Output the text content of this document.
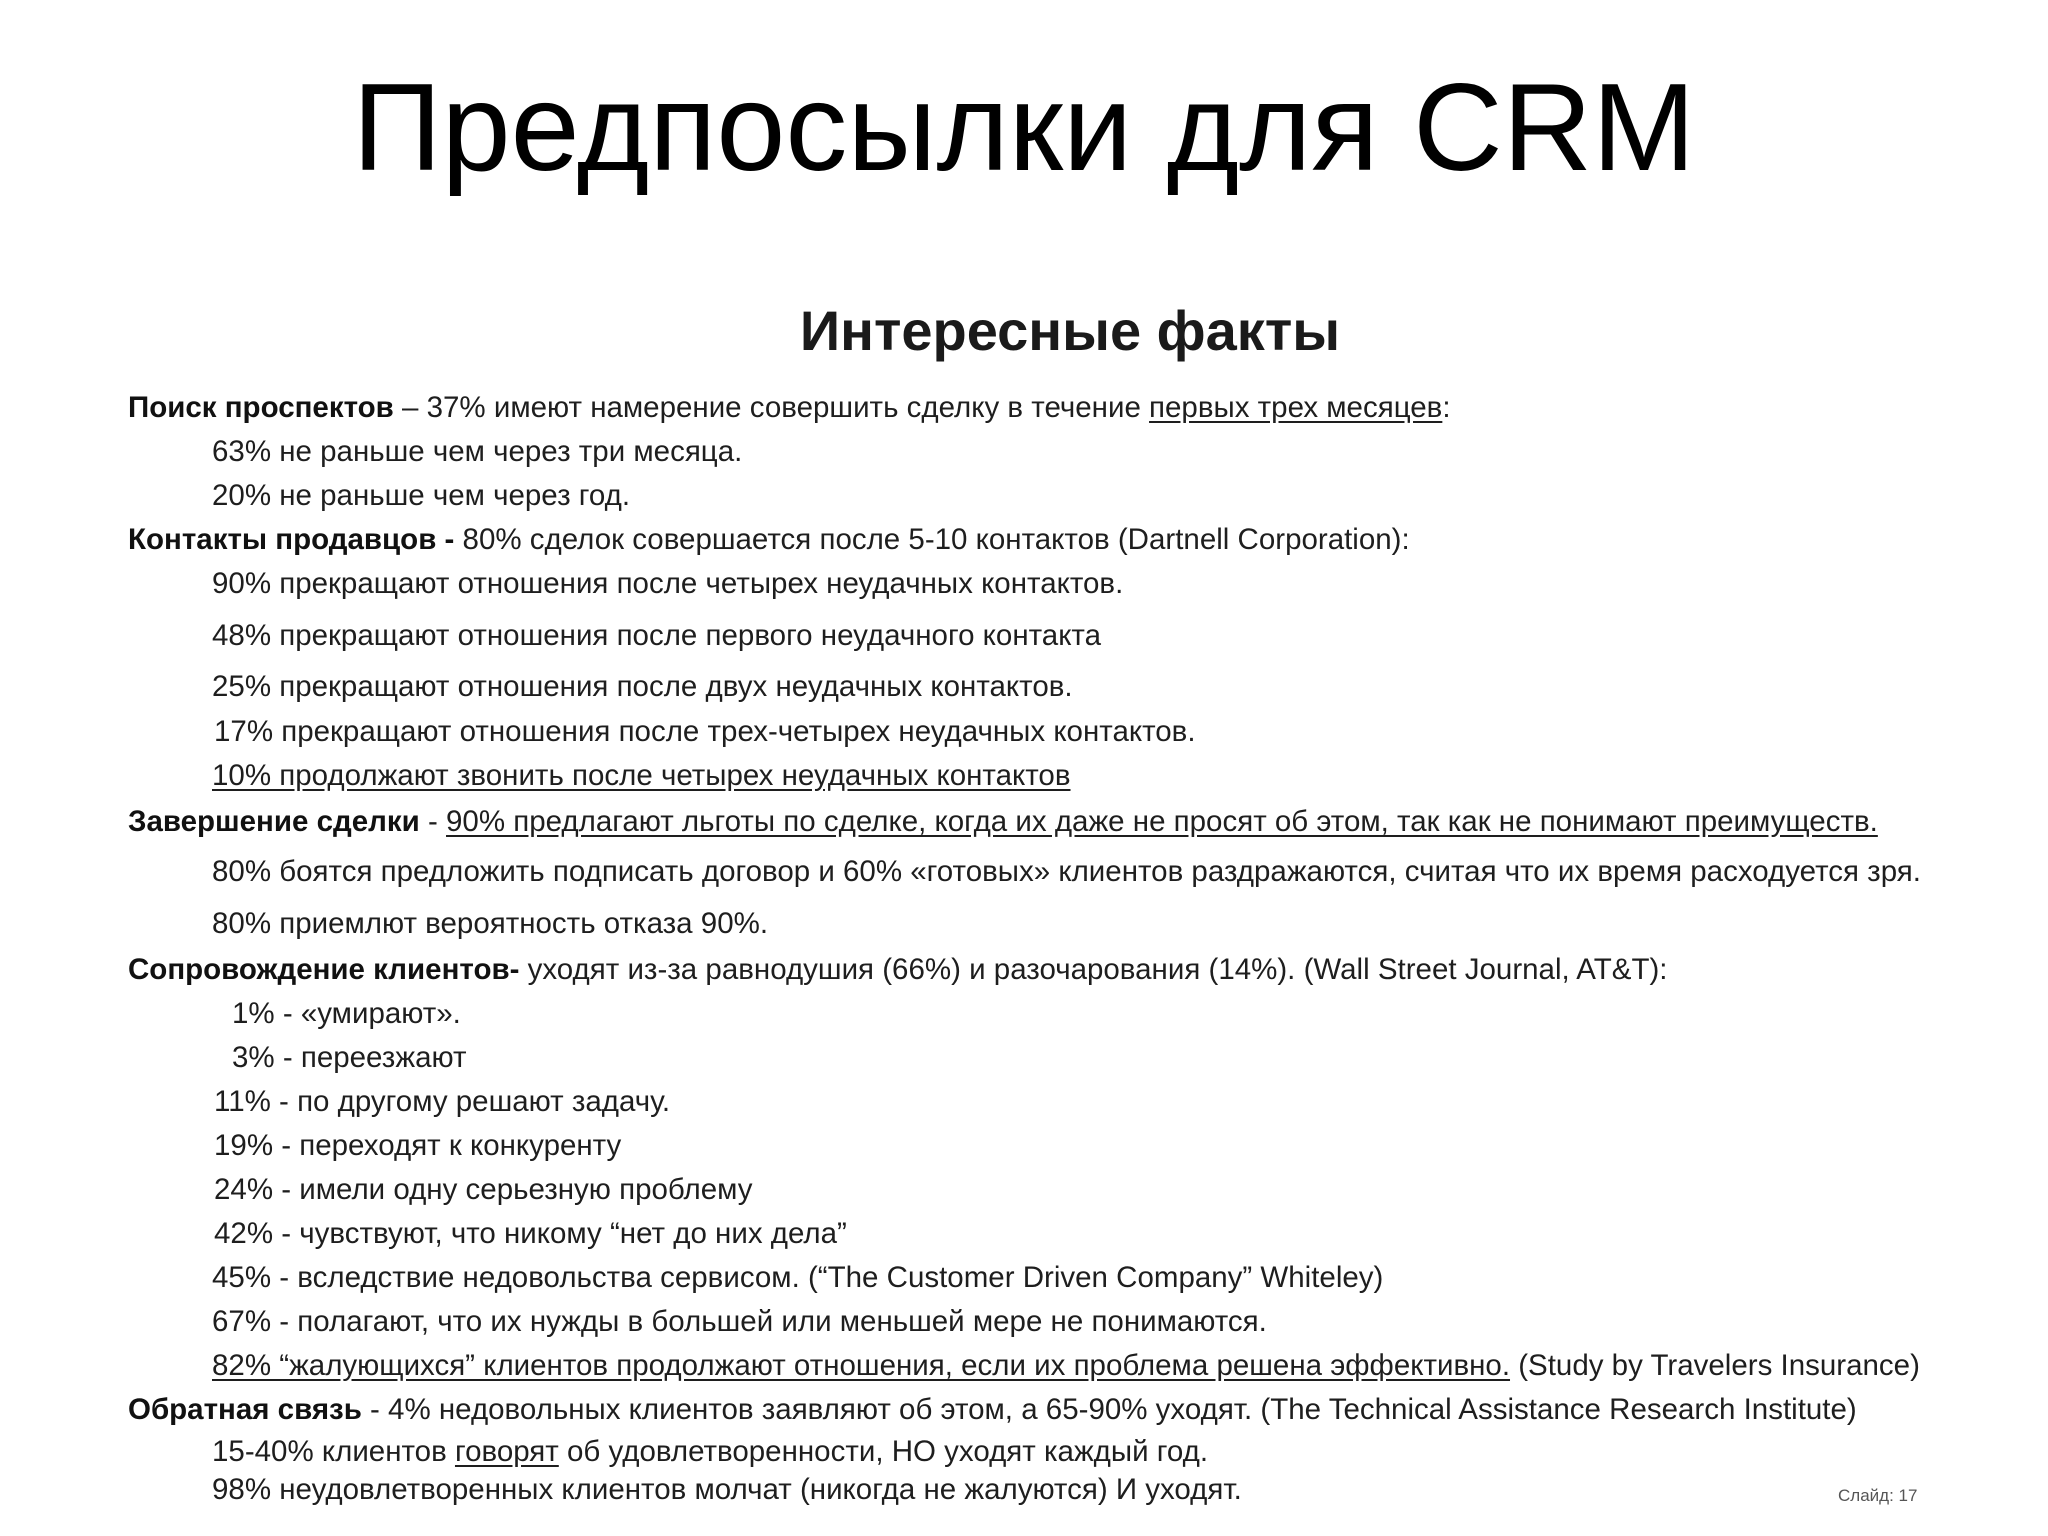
Предпосылки для CRM
Интересные факты
Поиск проспектов – 37% имеют намерение совершить сделку в течение первых трех месяцев:
63% не раньше чем через три месяца.
20% не раньше чем через год.
Контакты продавцов - 80% сделок совершается после 5-10 контактов (Dartnell Corporation):
90% прекращают отношения после четырех неудачных контактов.
48% прекращают отношения после первого неудачного контакта
25% прекращают отношения после двух неудачных контактов.
17% прекращают отношения после трех-четырех неудачных контактов.
10% продолжают звонить после четырех неудачных контактов
Завершение сделки - 90% предлагают льготы по сделке, когда их даже не просят об этом, так как не понимают преимуществ.
80% боятся предложить подписать договор и 60% «готовых» клиентов раздражаются, считая что их время расходуется зря.
80% приемлют вероятность отказа 90%.
Сопровождение клиентов- уходят из-за равнодушия (66%) и разочарования (14%). (Wall Street Journal, AT&T):
1% - «умирают».
3% - переезжают
11% - по другому решают задачу.
19% - переходят к конкуренту
24% - имели одну серьезную проблему
42% - чувствуют, что никому “нет до них дела”
45% - вследствие недовольства сервисом. (“The Customer Driven Company” Whiteley)
67% - полагают, что их нужды в большей или меньшей мере не понимаются.
82% “жалующихся” клиентов продолжают отношения, если их проблема решена эффективно. (Study by Travelers Insurance)
Обратная связь - 4% недовольных клиентов заявляют об этом, а 65-90% уходят. (The Technical Assistance Research Institute)
15-40% клиентов говорят об удовлетворенности, НО уходят каждый год.
98% неудовлетворенных клиентов молчат (никогда не жалуются) И уходят.	Слайд: 17
